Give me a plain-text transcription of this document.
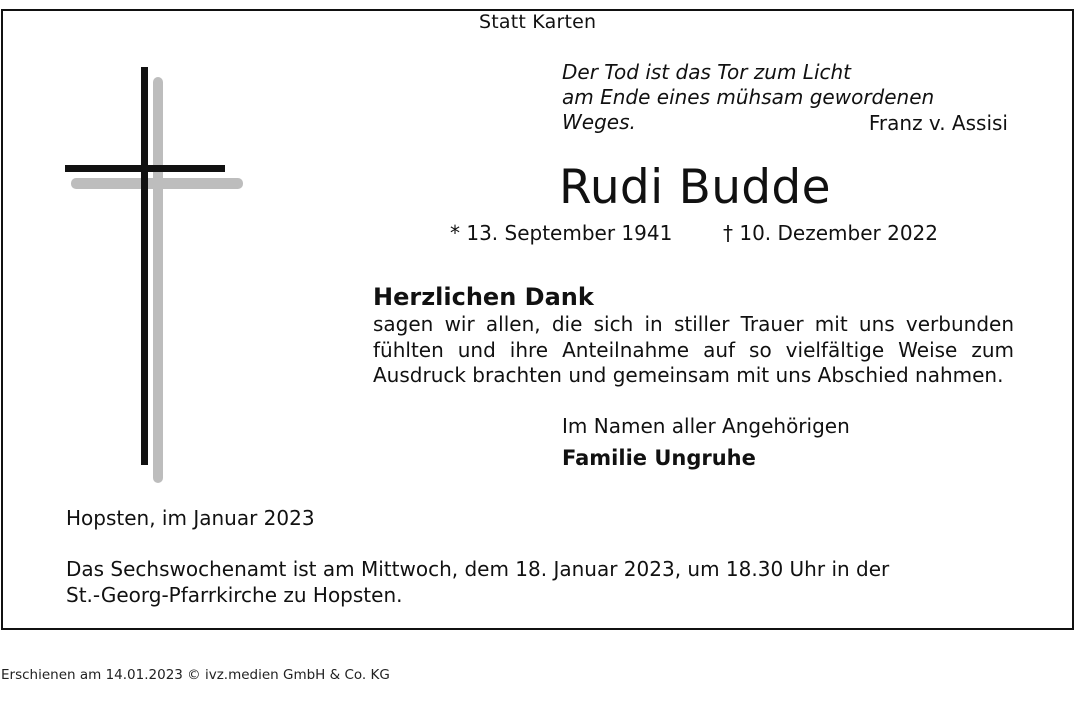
Statt Karten
Der Tod ist das Tor zum Licht
am Ende eines mühsam gewordenen Weges.	Franz v. Assisi
Rudi Budde
* 13. September 1941	† 10. Dezember 2022
Herzlichen Dank
sagen wir allen, die sich in stiller Trauer mit uns verbunden fühlten und ihre Anteilnahme auf so vielfältige Weise zum Ausdruck brachten und gemeinsam mit uns Abschied nahmen.
Im Namen aller Angehörigen
Familie Ungruhe
Hopsten, im Januar 2023
Das Sechswochenamt ist am Mittwoch, dem 18. Januar 2023, um 18.30 Uhr in der
St.-Georg-Pfarrkirche zu Hopsten.
Erschienen am 14.01.2023 © ivz.medien GmbH & Co. KG
